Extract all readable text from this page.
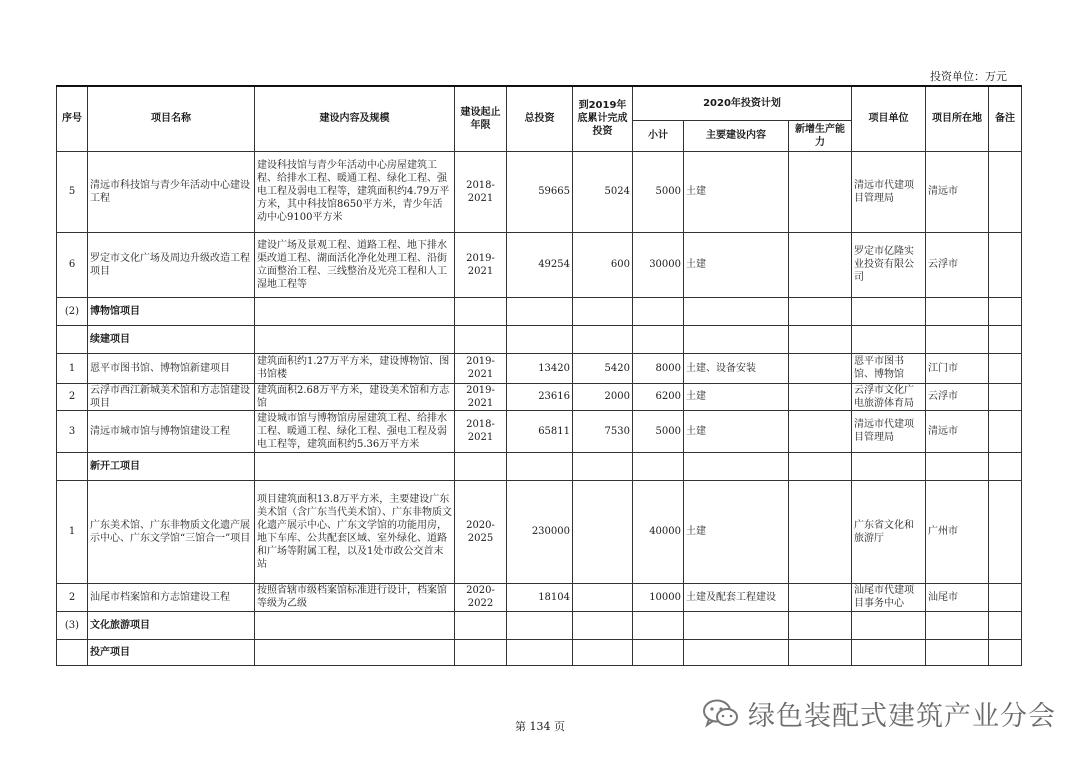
投资单位：万元
序号	项目名称	建设内容及规模	建设起止年限	总投资	到2019年底累计完成投资	2020年投资计划			项目单位	项目所在地	备注
						小计	主要建设内容	新增生产能力			
5	清远市科技馆与青少年活动中心建设工程	建设科技馆与青少年活动中心房屋建筑工程、给排水工程、暖通工程、绿化工程、强电工程及弱电工程等，建筑面积约4.79万平方米，其中科技馆8650平方米，青少年活动中心9100平方米	2018-2021	59665	5024	5000	土建		清远市代建项目管理局	清远市	
6	罗定市文化广场及周边升级改造工程项目	建设广场及景观工程、道路工程、地下排水渠改道工程、湖面活化净化处理工程、沿街立面整治工程、三线整治及光亮工程和人工湿地工程等	2019-2021	49254	600	30000	土建		罗定市亿隆实业投资有限公司	云浮市	
(2)	博物馆项目										
	续建项目										
1	恩平市图书馆、博物馆新建项目	建筑面积约1.27万平方米，建设博物馆、图书馆楼	2019-2021	13420	5420	8000	土建、设备安装		恩平市图书馆、博物馆	江门市	
2	云浮市西江新城美术馆和方志馆建设项目	建筑面积2.68万平方米，建设美术馆和方志馆	2019-2021	23616	2000	6200	土建		云浮市文化广电旅游体育局	云浮市	
3	清远市城市馆与博物馆建设工程	建设城市馆与博物馆房屋建筑工程、给排水工程、暖通工程、绿化工程、强电工程及弱电工程等，建筑面积约5.36万平方米	2018-2021	65811	7530	5000	土建		清远市代建项目管理局	清远市	
	新开工项目										
1	广东美术馆、广东非物质文化遗产展示中心、广东文学馆“三馆合一”项目	项目建筑面积13.8万平方米，主要建设广东美术馆（含广东当代美术馆）、广东非物质文化遗产展示中心、广东文学馆的功能用房，地下车库、公共配套区域、室外绿化、道路和广场等附属工程，以及1处市政公交首末站	2020-2025	230000		40000	土建		广东省文化和旅游厅	广州市	
2	汕尾市档案馆和方志馆建设工程	按照省辖市级档案馆标准进行设计，档案馆等级为乙级	2020-2022	18104		10000	土建及配套工程建设		汕尾市代建项目事务中心	汕尾市	
(3)	文化旅游项目										
	投产项目										
绿色装配式建筑产业分会
第 134 页
